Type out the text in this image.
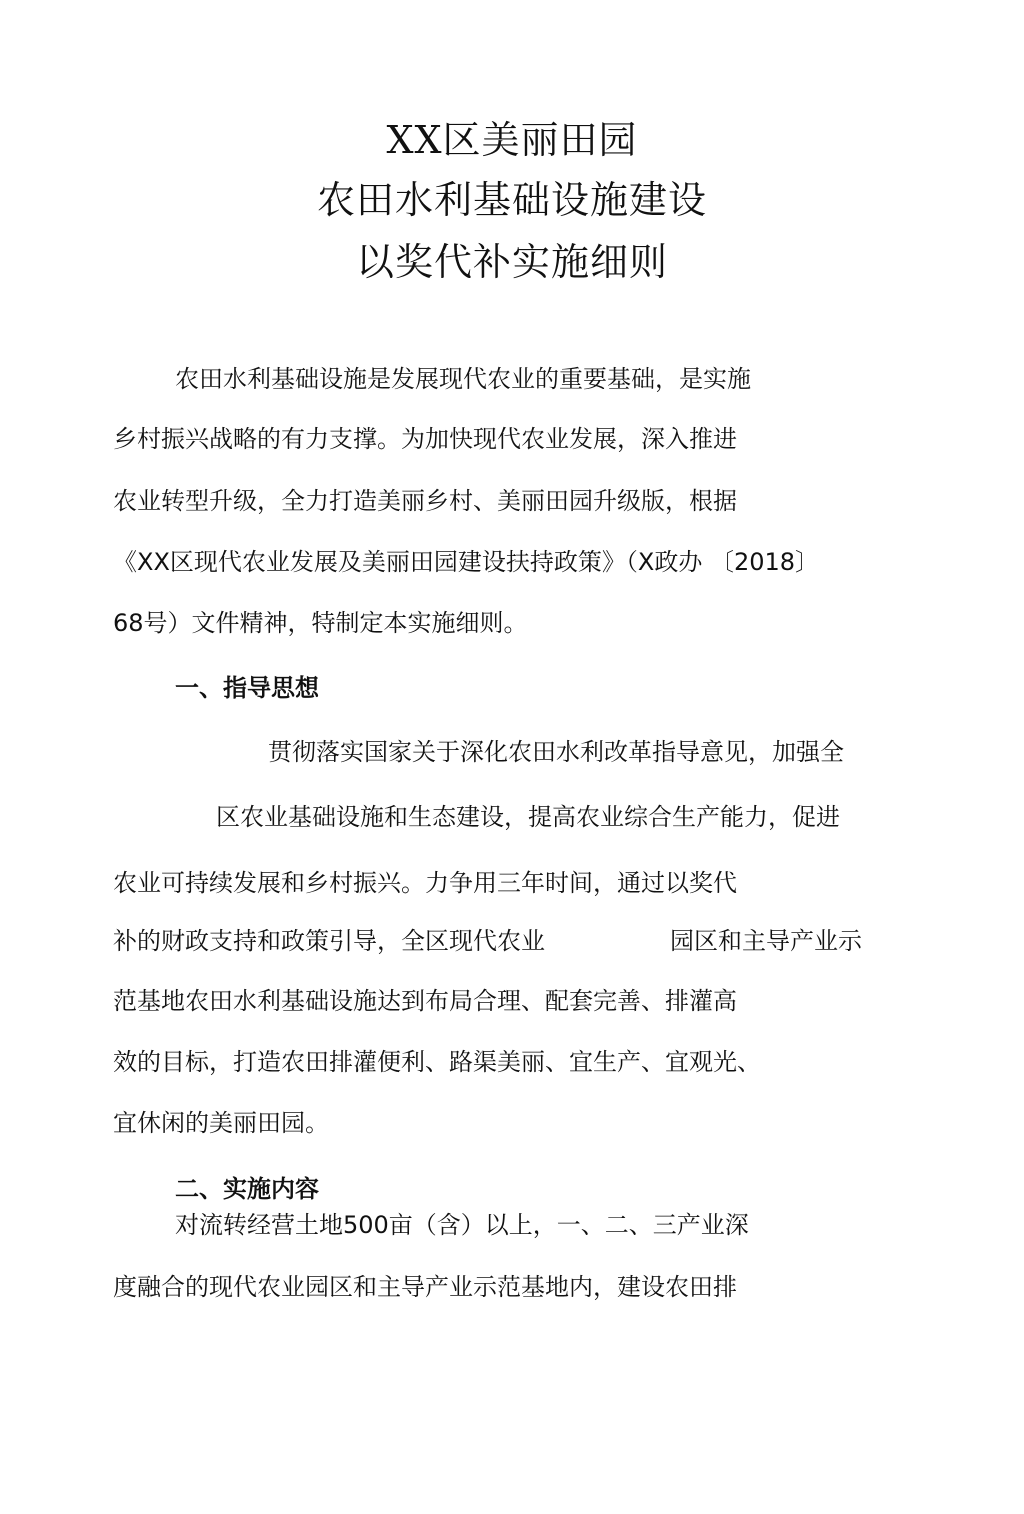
XX区美丽田园
农田水利基础设施建设
以奖代补实施细则
农田水利基础设施是发展现代农业的重要基础，是实施
乡村振兴战略的有力支撑。为加快现代农业发展，深入推进
农业转型升级，全力打造美丽乡村、美丽田园升级版，根据
《XX区现代农业发展及美丽田园建设扶持政策》（X政办 〔2018〕
68号）文件精神，特制定本实施细则。
一、指导思想
贯彻落实国家关于深化农田水利改革指导意见，加强全
区农业基础设施和生态建设，提高农业综合生产能力，促进
农业可持续发展和乡村振兴。力争用三年时间，通过以奖代
补的财政支持和政策引导，全区现代农业	园区和主导产业示
范基地农田水利基础设施达到布局合理、配套完善、排灌高
效的目标，打造农田排灌便利、路渠美丽、宜生产、宜观光、
宜休闲的美丽田园。
二、实施内容
对流转经营土地500亩（含）以上，一、二、三产业深
度融合的现代农业园区和主导产业示范基地内，建设农田排
